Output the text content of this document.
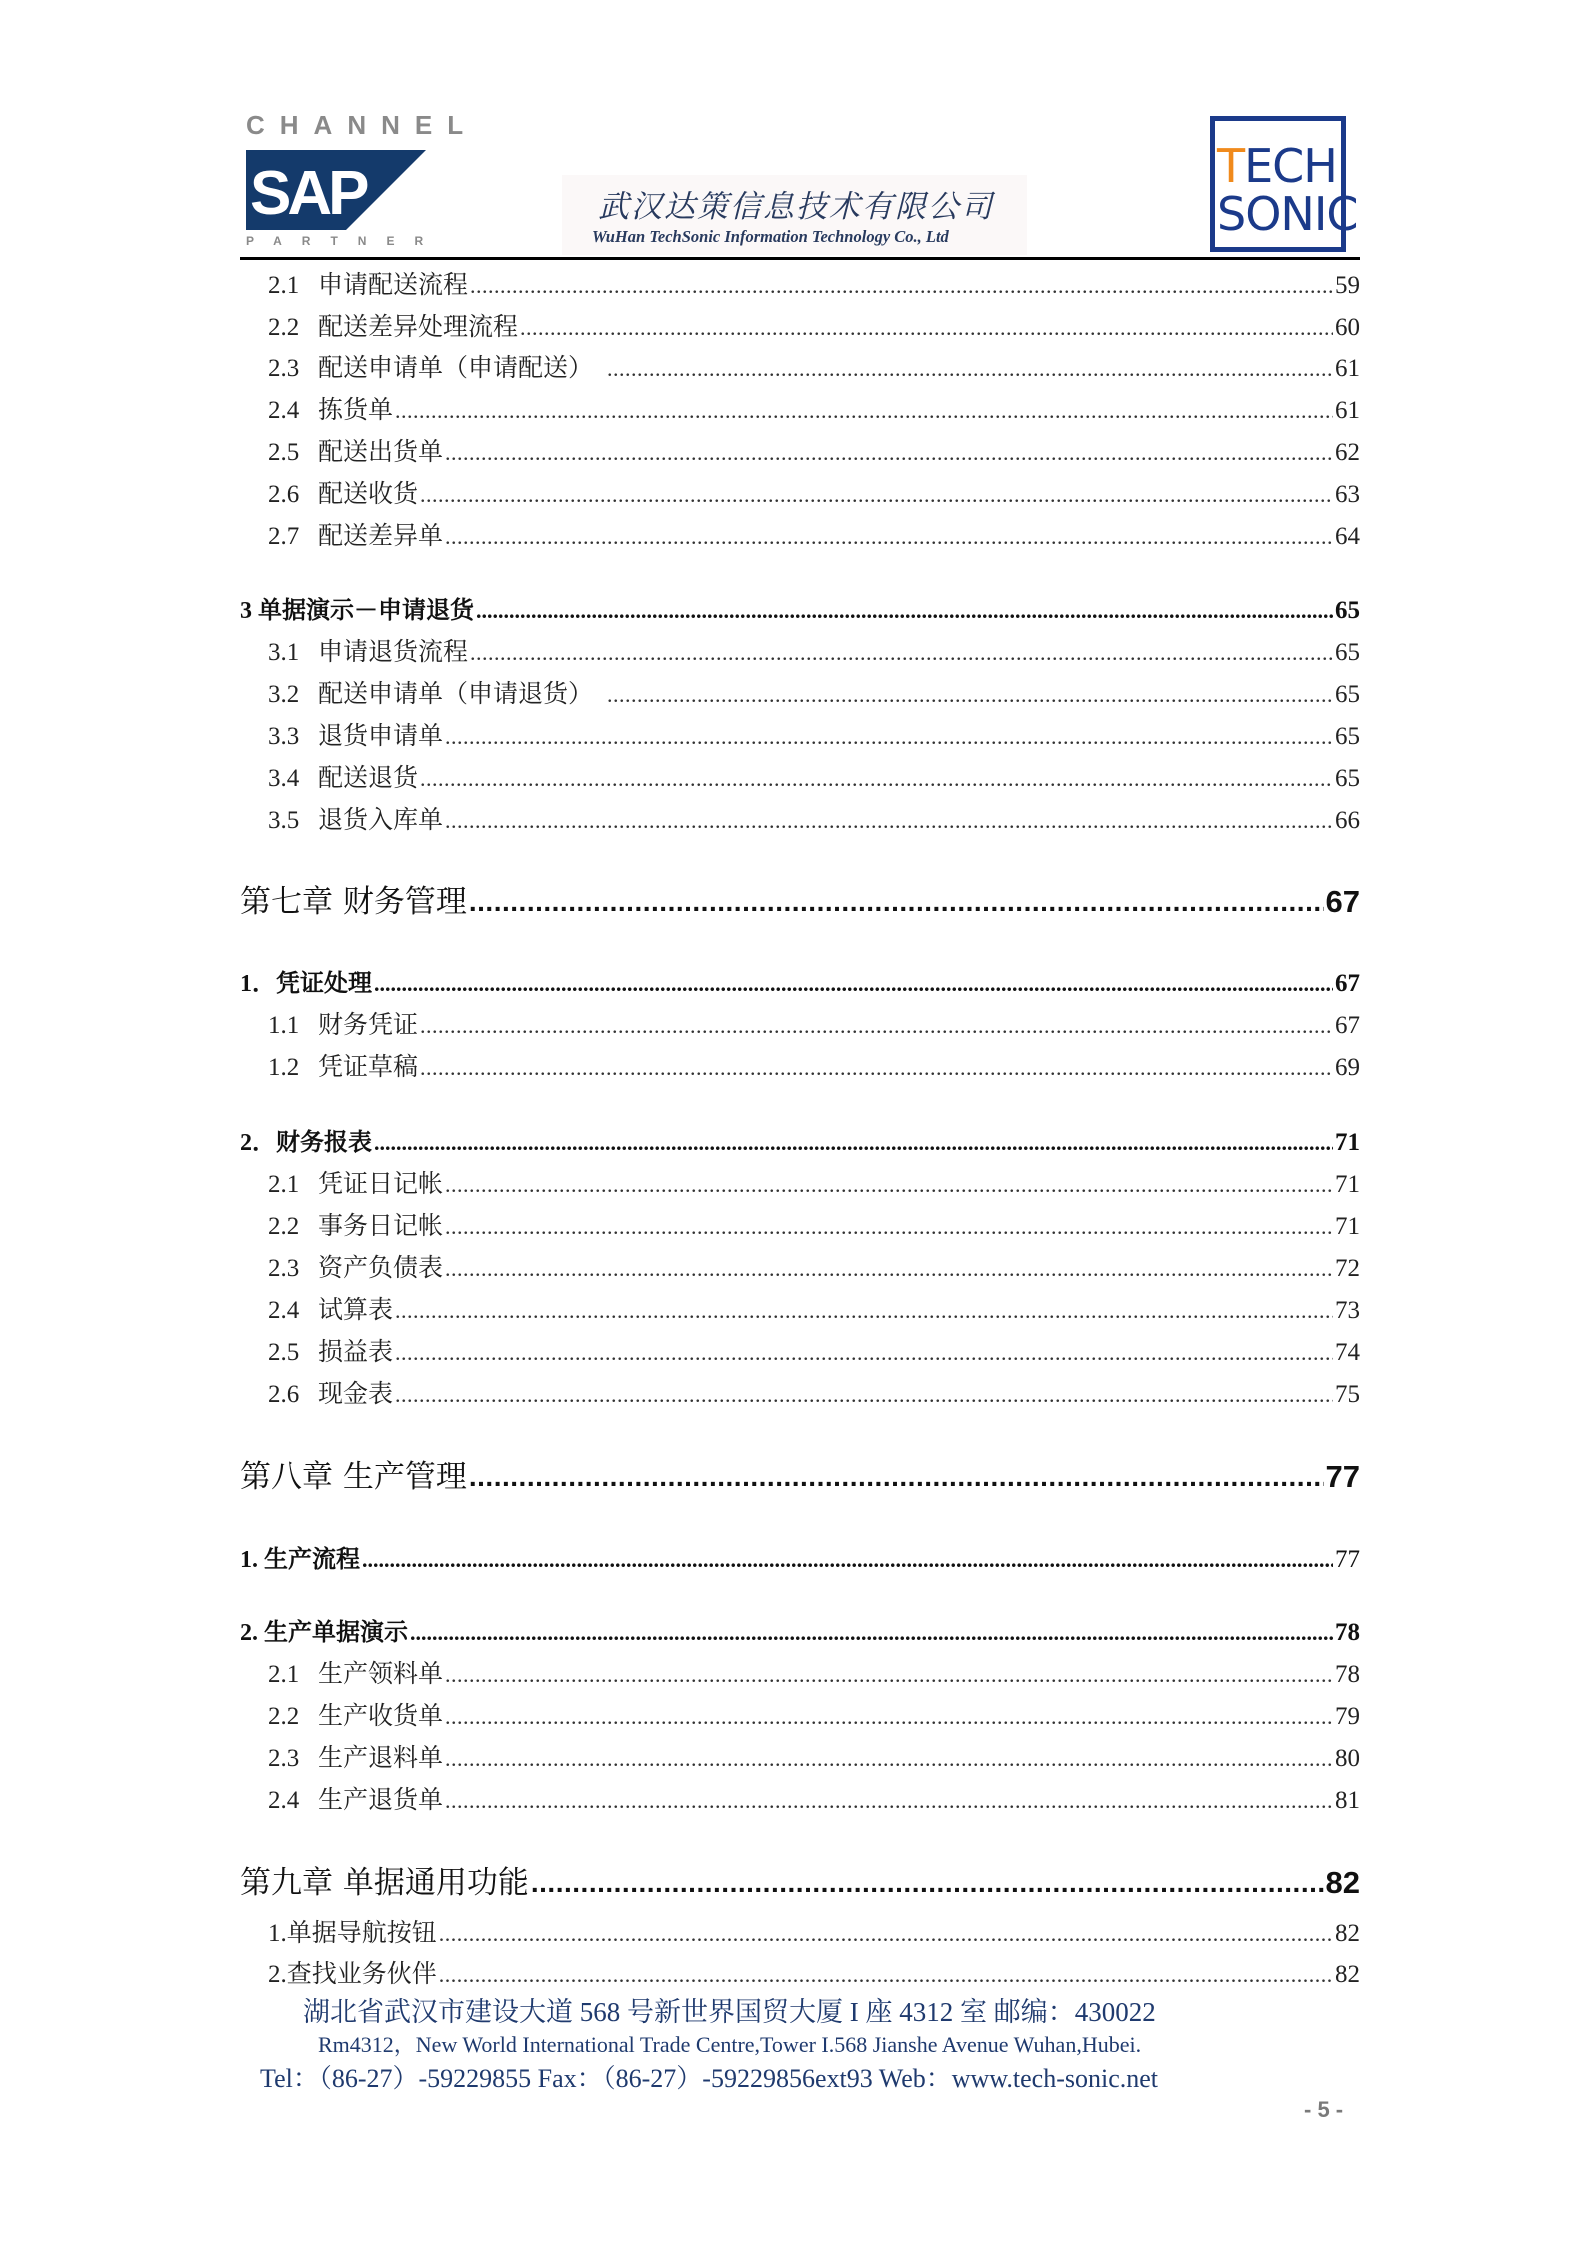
CHANNEL
SAP
PARTNER
武汉达策信息技术有限公司
WuHan TechSonic Information Technology Co., Ltd
TECH
SONIC
2.1 申请配送流程 .....	59
2.2 配送差异处理流程 .....	60
2.3 配送申请单（申请配送） .....	61
2.4 拣货单 .....	61
2.5 配送出货单 .....	62
2.6 配送收货 .....	63
2.7 配送差异单 .....	64
3 单据演示－申请退货 .....	65
3.1 申请退货流程 .....	65
3.2 配送申请单（申请退货） .....	65
3.3 退货申请单 .....	65
3.4 配送退货 .....	65
3.5 退货入库单 .....	66
第七章 财务管理 .....	67
1．凭证处理 .....	67
1.1 财务凭证 .....	67
1.2 凭证草稿 .....	69
2．财务报表 .....	71
2.1 凭证日记帐 .....	71
2.2 事务日记帐 .....	71
2.3 资产负债表 .....	72
2.4 试算表 .....	73
2.5 损益表 .....	74
2.6 现金表 .....	75
第八章 生产管理 .....	77
1. 生产流程 .....	77
2. 生产单据演示 .....	78
2.1 生产领料单 .....	78
2.2 生产收货单 .....	79
2.3 生产退料单 .....	80
2.4 生产退货单 .....	81
第九章 单据通用功能 .....	82
1.单据导航按钮 .....	82
2.查找业务伙伴 .....	82
湖北省武汉市建设大道 568 号新世界国贸大厦 I 座 4312 室 邮编：430022
Rm4312，New World International Trade Centre,Tower I.568 Jianshe Avenue Wuhan,Hubei.
Tel：（86-27）-59229855 Fax：（86-27）-59229856ext93 Web：www.tech-sonic.net
- 5 -
